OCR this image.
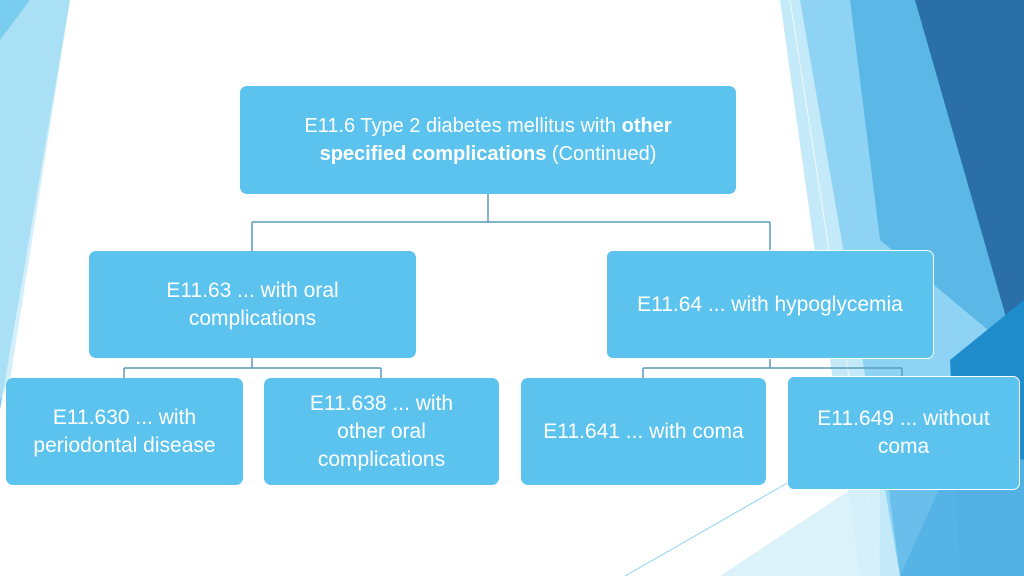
E11.6 Type 2 diabetes mellitus with other
specified complications (Continued)
E11.63 ... with oral complications
E11.64 ... with hypoglycemia
E11.630 ... with periodontal disease
E11.638 ... with other oral complications
E11.641 ... with coma
E11.649 ... without coma
